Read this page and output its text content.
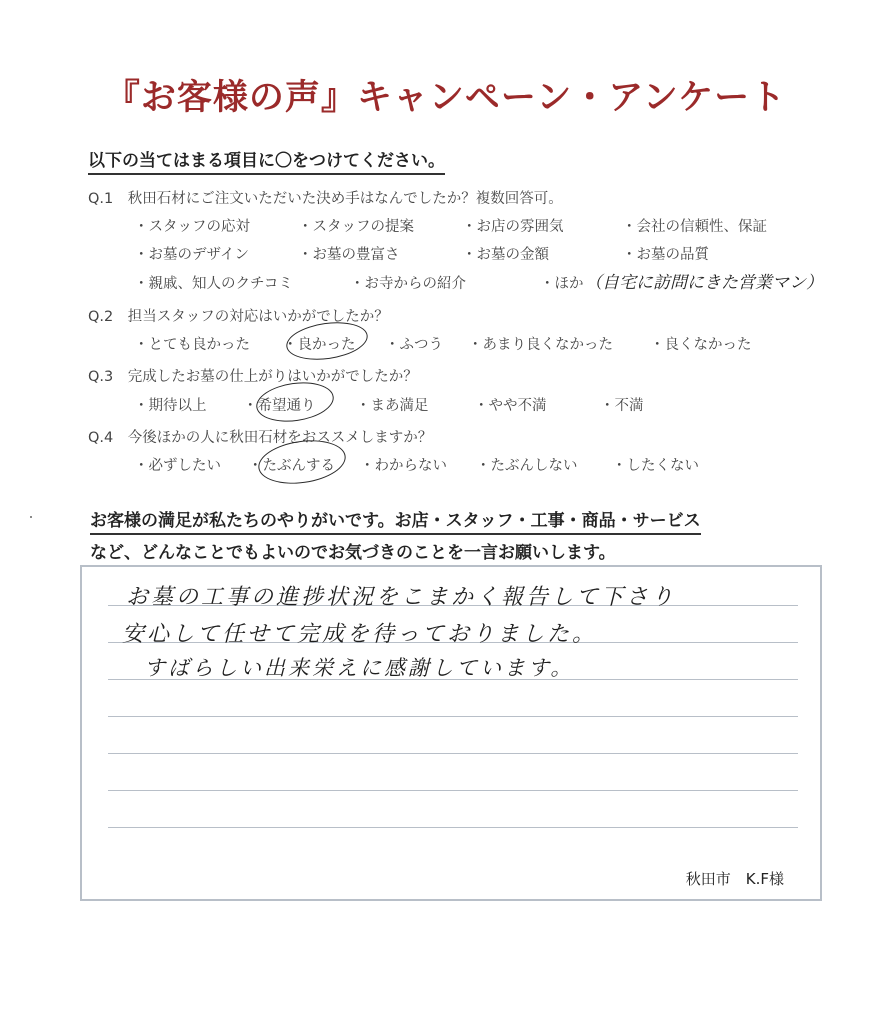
『お客様の声』キャンペーン・アンケート
以下の当てはまる項目に〇をつけてください。
Q.1　 秋田石材にご注文いただいた決め手はなんでしたか？複数回答可。
・スタッフの応対	・スタッフの提案	・お店の雰囲気	・会社の信頼性、保証
・お墓のデザイン	・お墓の豊富さ	・お墓の金額	・お墓の品質
・親戚、知人のクチコミ	・お寺からの紹介	・ほか （自宅に訪問にきた営業マン）
Q.2　 担当スタッフの対応はいかがでしたか？
・とても良かった ・良かった ・ふつう ・あまり良くなかった	・良くなかった
Q.3　 完成したお墓の仕上がりはいかがでしたか？
・期待以上	・希望通り	・まあ満足	・やや不満	・不満
Q.4　 今後ほかの人に秋田石材をおススメしますか？
・必ずしたい ・たぶんする ・わからない ・たぶんしない ・したくない
お客様の満足が私たちのやりがいです。お店・スタッフ・工事・商品・サービス
など、どんなことでもよいのでお気づきのことを一言お願いします。
お墓の工事の進捗状況をこまかく報告して下さり
安心して任せて完成を待っておりました。
すばらしい出来栄えに感謝しています。
秋田市　K.F様
